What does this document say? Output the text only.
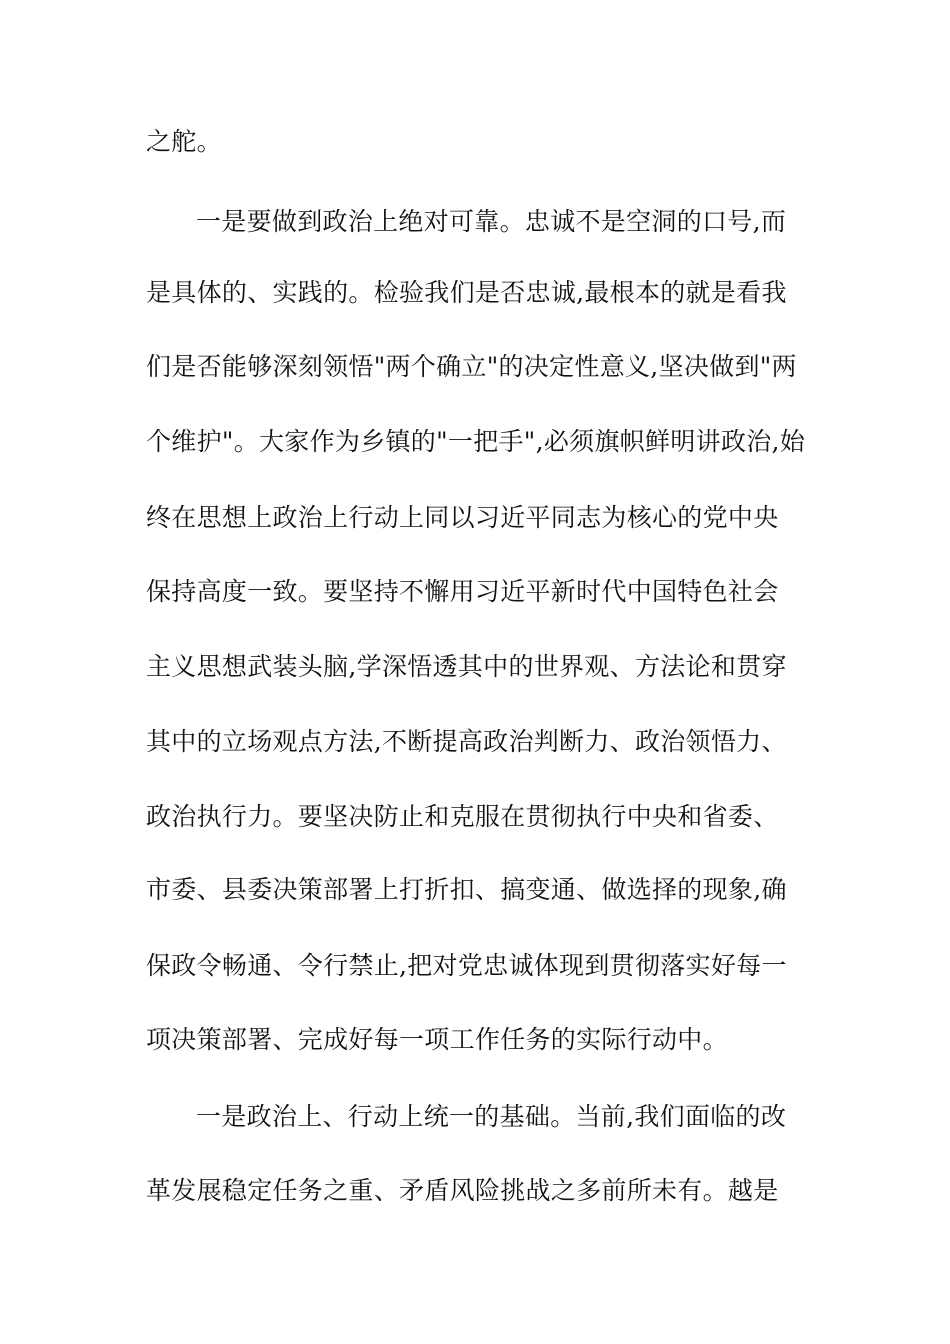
之舵。

一是要做到政治上绝对可靠。忠诚不是空洞的口号,而

是具体的、实践的。检验我们是否忠诚,最根本的就是看我

们是否能够深刻领悟"两个确立"的决定性意义,坚决做到"两

个维护"。大家作为乡镇的"一把手",必须旗帜鲜明讲政治,始

终在思想上政治上行动上同以习近平同志为核心的党中央

保持高度一致。要坚持不懈用习近平新时代中国特色社会

主义思想武装头脑,学深悟透其中的世界观、方法论和贯穿

其中的立场观点方法,不断提高政治判断力、政治领悟力、

政治执行力。要坚决防止和克服在贯彻执行中央和省委、

市委、县委决策部署上打折扣、搞变通、做选择的现象,确

保政令畅通、令行禁止,把对党忠诚体现到贯彻落实好每一

项决策部署、完成好每一项工作任务的实际行动中。

一是政治上、行动上统一的基础。当前,我们面临的改

革发展稳定任务之重、矛盾风险挑战之多前所未有。越是
